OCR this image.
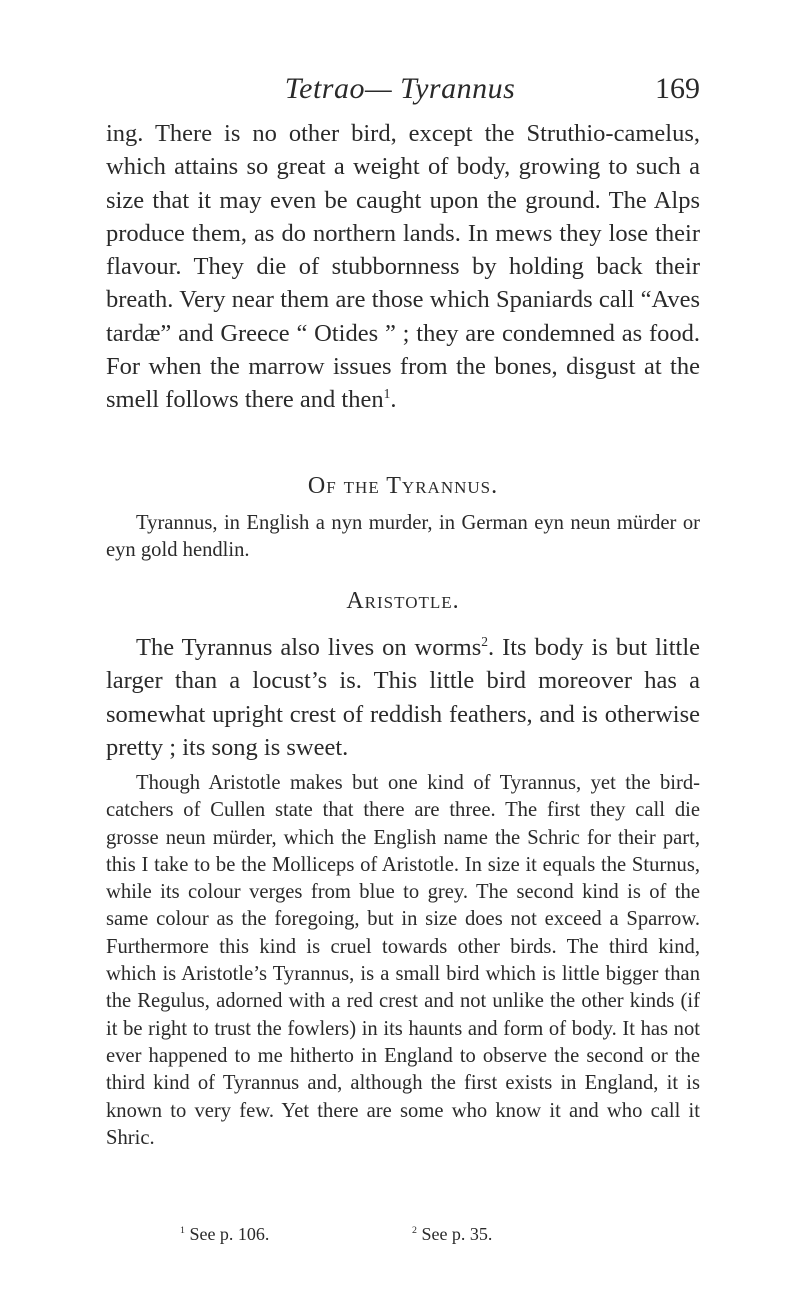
Tetrao— Tyrannus	169

ing. There is no other bird, except the Struthio-camelus, which attains so great a weight of body, growing to such a size that it may even be caught upon the ground. The Alps produce them, as do northern lands. In mews they lose their flavour. They die of stubbornness by holding back their breath. Very near them are those which Spaniards call “Aves tardæ” and Greece “ Otides ” ; they are condemned as food. For when the marrow issues from the bones, disgust at the smell follows there and then$^1$.

Of the Tyrannus.

Tyrannus, in English a nyn murder, in German eyn neun mürder or eyn gold hendlin.

Aristotle.

The Tyrannus also lives on worms$^2$. Its body is but little larger than a locust’s is. This little bird moreover has a somewhat upright crest of reddish feathers, and is otherwise pretty ; its song is sweet.

Though Aristotle makes but one kind of Tyrannus, yet the bird-catchers of Cullen state that there are three. The first they call die grosse neun mürder, which the English name the Schric for their part, this I take to be the Molliceps of Aristotle. In size it equals the Sturnus, while its colour verges from blue to grey. The second kind is of the same colour as the foregoing, but in size does not exceed a Sparrow. Furthermore this kind is cruel towards other birds. The third kind, which is Aristotle’s Tyrannus, is a small bird which is little bigger than the Regulus, adorned with a red crest and not unlike the other kinds (if it be right to trust the fowlers) in its haunts and form of body. It has not ever happened to me hitherto in England to observe the second or the third kind of Tyrannus and, although the first exists in England, it is known to very few. Yet there are some who know it and who call it Shric.

$^1$ See p. 106.	$^2$ See p. 35.
